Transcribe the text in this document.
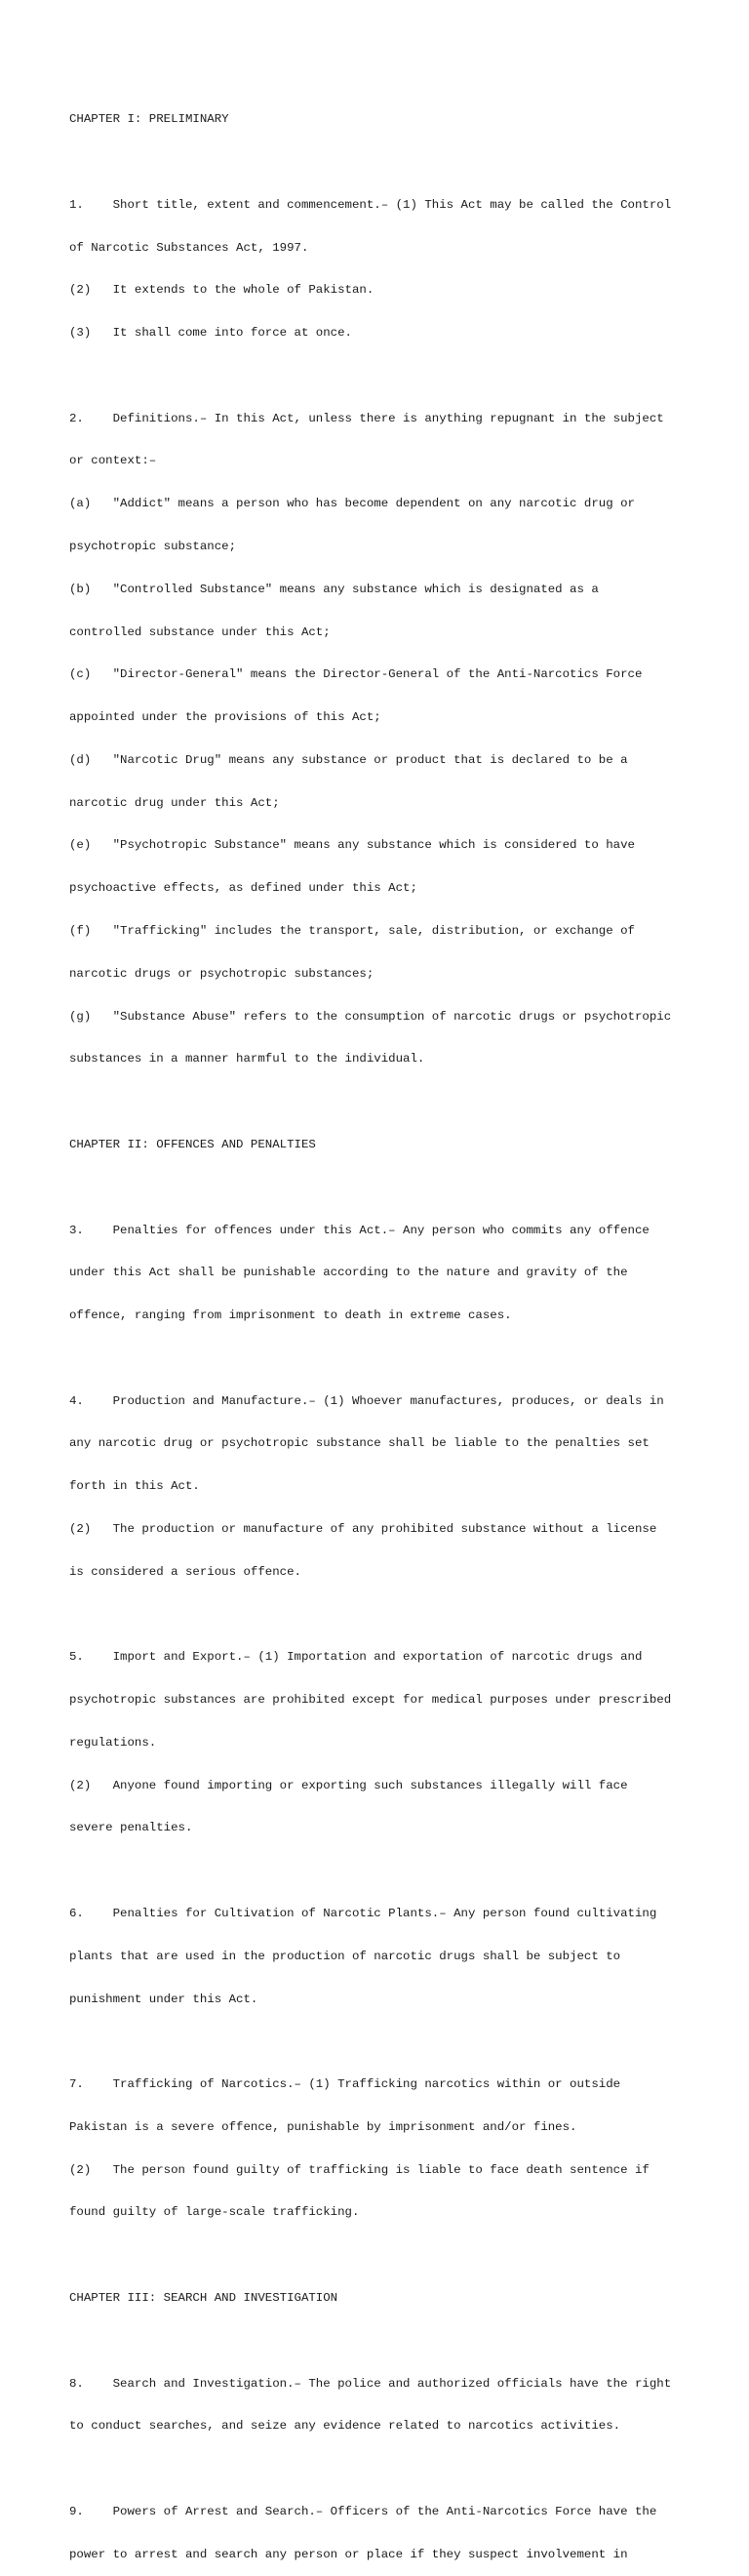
CHAPTER I: PRELIMINARY

1.    Short title, extent and commencement.– (1) This Act may be called the Control

of Narcotic Substances Act, 1997.

(2)   It extends to the whole of Pakistan.

(3)   It shall come into force at once.

2.    Definitions.– In this Act, unless there is anything repugnant in the subject

or context:–

(a)   "Addict" means a person who has become dependent on any narcotic drug or

psychotropic substance;

(b)   "Controlled Substance" means any substance which is designated as a

controlled substance under this Act;

(c)   "Director-General" means the Director-General of the Anti-Narcotics Force

appointed under the provisions of this Act;

(d)   "Narcotic Drug" means any substance or product that is declared to be a

narcotic drug under this Act;

(e)   "Psychotropic Substance" means any substance which is considered to have

psychoactive effects, as defined under this Act;

(f)   "Trafficking" includes the transport, sale, distribution, or exchange of

narcotic drugs or psychotropic substances;

(g)   "Substance Abuse" refers to the consumption of narcotic drugs or psychotropic

substances in a manner harmful to the individual.

CHAPTER II: OFFENCES AND PENALTIES

3.    Penalties for offences under this Act.– Any person who commits any offence

under this Act shall be punishable according to the nature and gravity of the

offence, ranging from imprisonment to death in extreme cases.

4.    Production and Manufacture.– (1) Whoever manufactures, produces, or deals in

any narcotic drug or psychotropic substance shall be liable to the penalties set

forth in this Act.

(2)   The production or manufacture of any prohibited substance without a license

is considered a serious offence.

5.    Import and Export.– (1) Importation and exportation of narcotic drugs and

psychotropic substances are prohibited except for medical purposes under prescribed

regulations.

(2)   Anyone found importing or exporting such substances illegally will face

severe penalties.

6.    Penalties for Cultivation of Narcotic Plants.– Any person found cultivating

plants that are used in the production of narcotic drugs shall be subject to

punishment under this Act.

7.    Trafficking of Narcotics.– (1) Trafficking narcotics within or outside

Pakistan is a severe offence, punishable by imprisonment and/or fines.

(2)   The person found guilty of trafficking is liable to face death sentence if

found guilty of large-scale trafficking.

CHAPTER III: SEARCH AND INVESTIGATION

8.    Search and Investigation.– The police and authorized officials have the right

to conduct searches, and seize any evidence related to narcotics activities.

9.    Powers of Arrest and Search.– Officers of the Anti-Narcotics Force have the

power to arrest and search any person or place if they suspect involvement in
